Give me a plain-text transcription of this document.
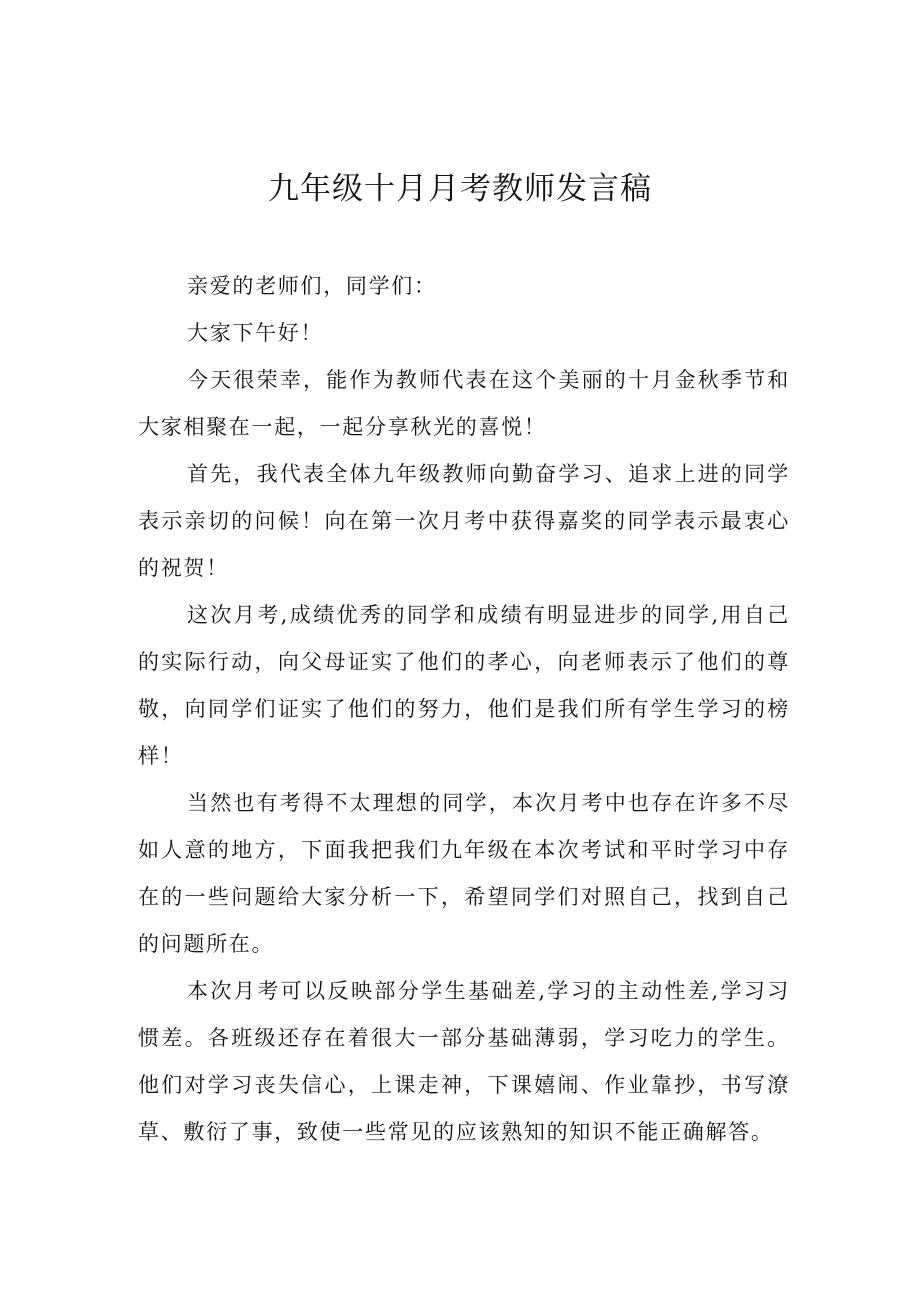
九年级十月月考教师发言稿

亲爱的老师们，同学们：

大家下午好！

今天很荣幸，能作为教师代表在这个美丽的十月金秋季节和大家相聚在一起，一起分享秋光的喜悦！

首先，我代表全体九年级教师向勤奋学习、追求上进的同学表示亲切的问候！向在第一次月考中获得嘉奖的同学表示最衷心的祝贺！

这次月考,成绩优秀的同学和成绩有明显进步的同学,用自己的实际行动，向父母证实了他们的孝心，向老师表示了他们的尊敬，向同学们证实了他们的努力，他们是我们所有学生学习的榜样！

当然也有考得不太理想的同学，本次月考中也存在许多不尽如人意的地方，下面我把我们九年级在本次考试和平时学习中存在的一些问题给大家分析一下，希望同学们对照自己，找到自己的问题所在。

本次月考可以反映部分学生基础差,学习的主动性差,学习习惯差。各班级还存在着很大一部分基础薄弱，学习吃力的学生。他们对学习丧失信心，上课走神，下课嬉闹、作业靠抄，书写潦草、敷衍了事，致使一些常见的应该熟知的知识不能正确解答。
